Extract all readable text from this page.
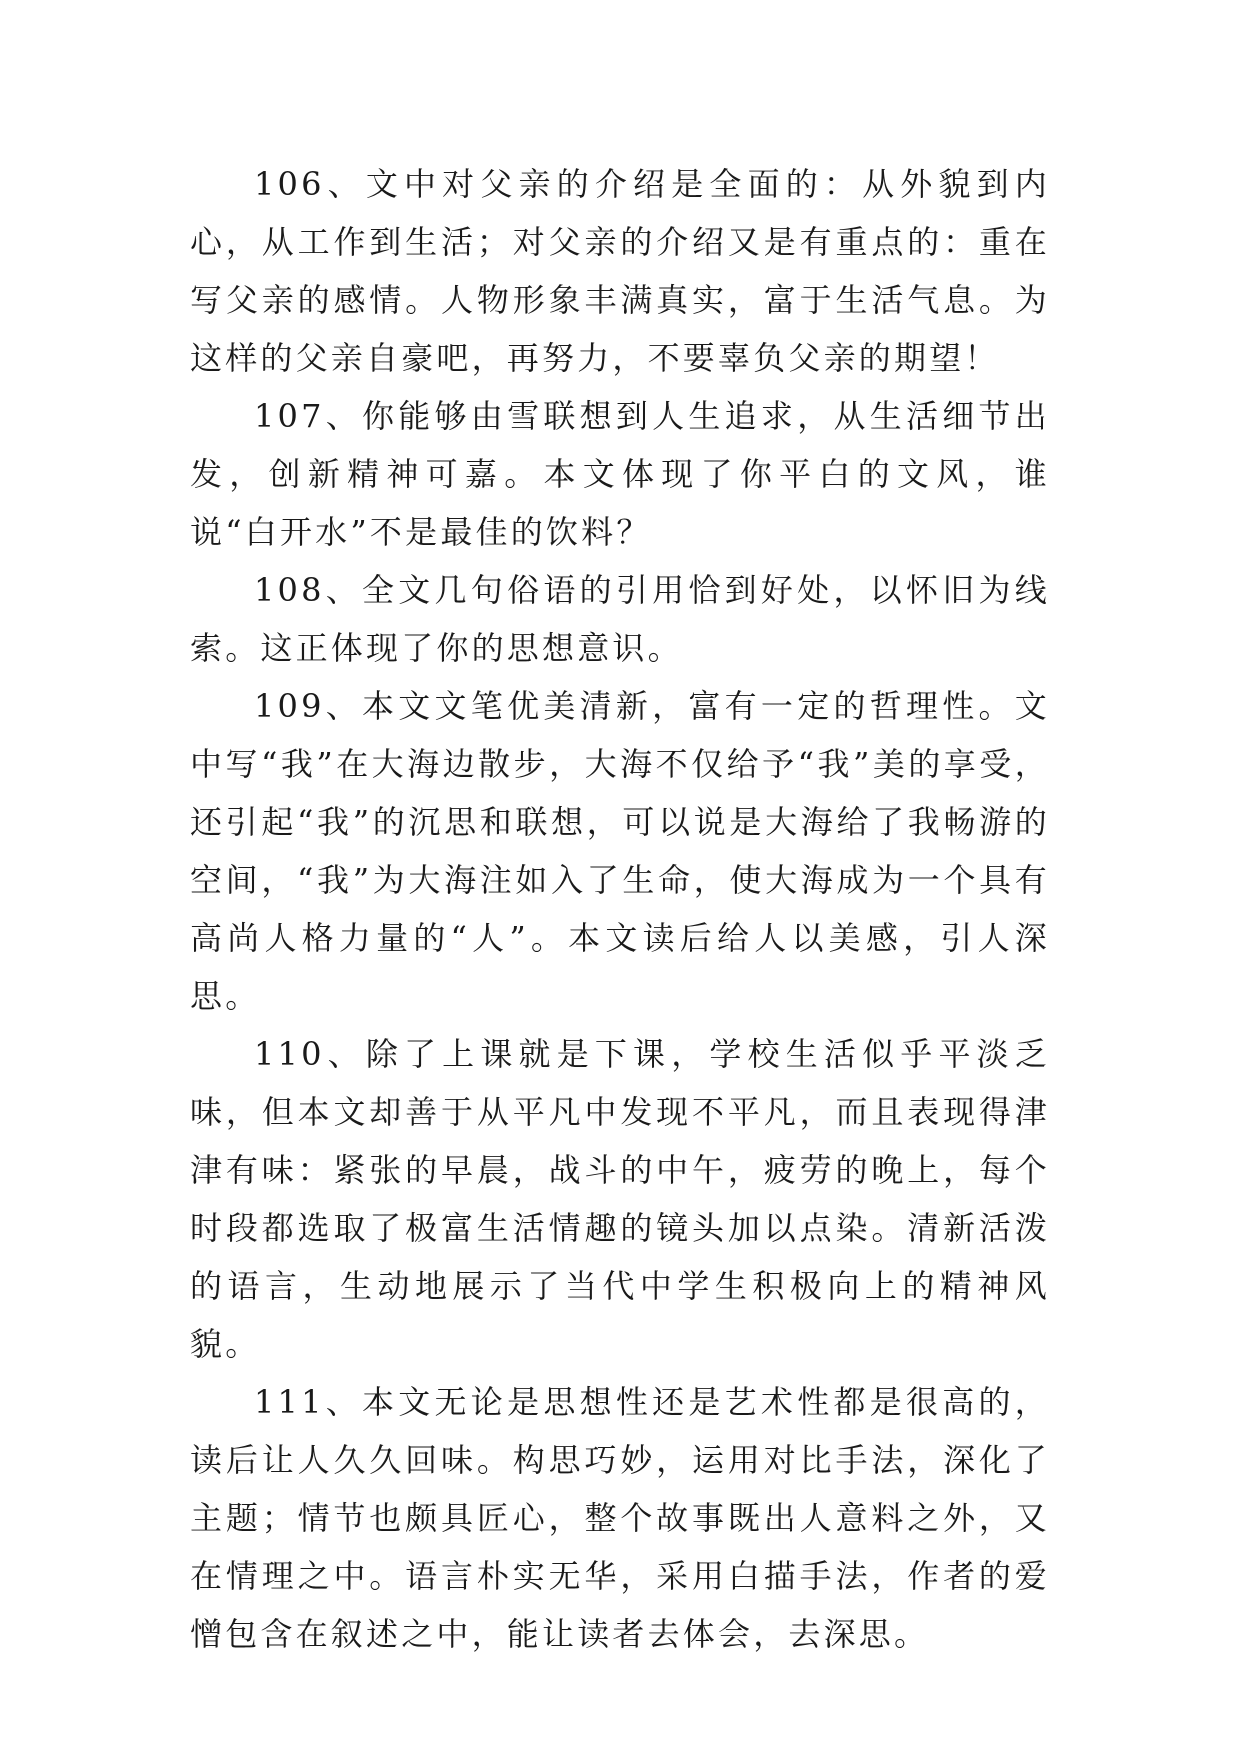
106、文中对父亲的介绍是全面的：从外貌到内心，从工作到生活；对父亲的介绍又是有重点的：重在写父亲的感情。人物形象丰满真实，富于生活气息。为这样的父亲自豪吧，再努力，不要辜负父亲的期望！

107、你能够由雪联想到人生追求，从生活细节出发，创新精神可嘉。本文体现了你平白的文风，谁说“白开水”不是最佳的饮料？

108、全文几句俗语的引用恰到好处，以怀旧为线索。这正体现了你的思想意识。

109、本文文笔优美清新，富有一定的哲理性。文中写“我”在大海边散步，大海不仅给予“我”美的享受，还引起“我”的沉思和联想，可以说是大海给了我畅游的空间，“我”为大海注如入了生命，使大海成为一个具有高尚人格力量的“人”。本文读后给人以美感，引人深思。

110、除了上课就是下课，学校生活似乎平淡乏味，但本文却善于从平凡中发现不平凡，而且表现得津津有味：紧张的早晨，战斗的中午，疲劳的晚上，每个时段都选取了极富生活情趣的镜头加以点染。清新活泼的语言，生动地展示了当代中学生积极向上的精神风貌。

111、本文无论是思想性还是艺术性都是很高的，读后让人久久回味。构思巧妙，运用对比手法，深化了主题；情节也颇具匠心，整个故事既出人意料之外，又在情理之中。语言朴实无华，采用白描手法，作者的爱憎包含在叙述之中，能让读者去体会，去深思。
